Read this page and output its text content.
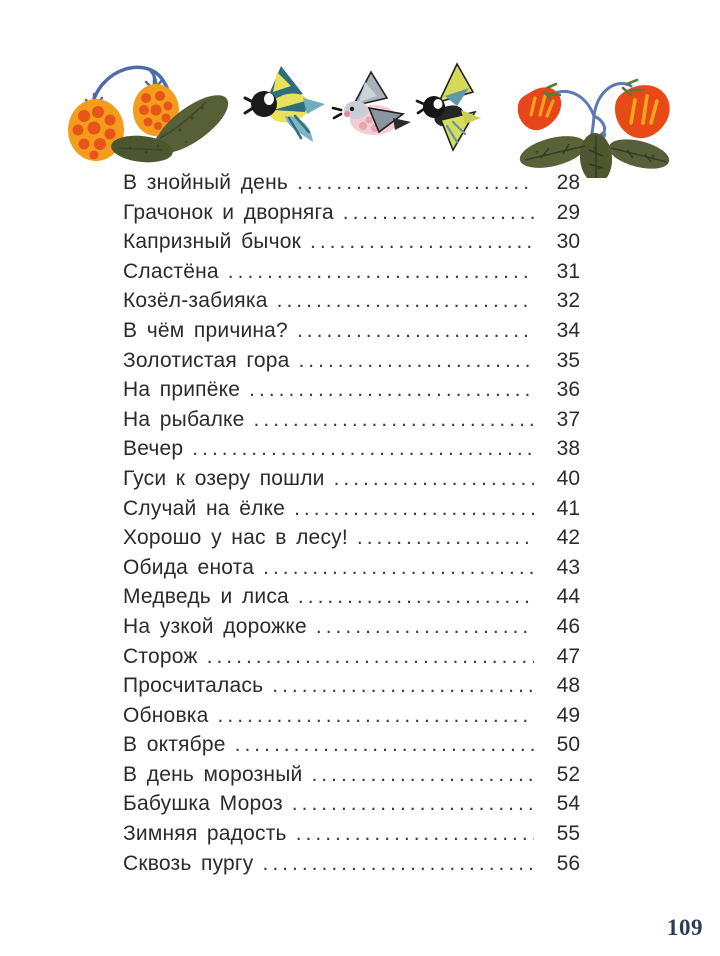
В знойный день .....	28
Грачонок и дворняга .....	29
Капризный бычок .....	30
Сластёна .....	31
Козёл-забияка .....	32
В чём причина? .....	34
Золотистая гора .....	35
На припёке .....	36
На рыбалке .....	37
Вечер .....	38
Гуси к озеру пошли .....	40
Случай на ёлке .....	41
Хорошо у нас в лесу! .....	42
Обида енота .....	43
Медведь и лиса .....	44
На узкой дорожке .....	46
Сторож .....	47
Просчиталась .....	48
Обновка .....	49
В октябре .....	50
В день морозный .....	52
Бабушка Мороз .....	54
Зимняя радость .....	55
Сквозь пургу .....	56
109
